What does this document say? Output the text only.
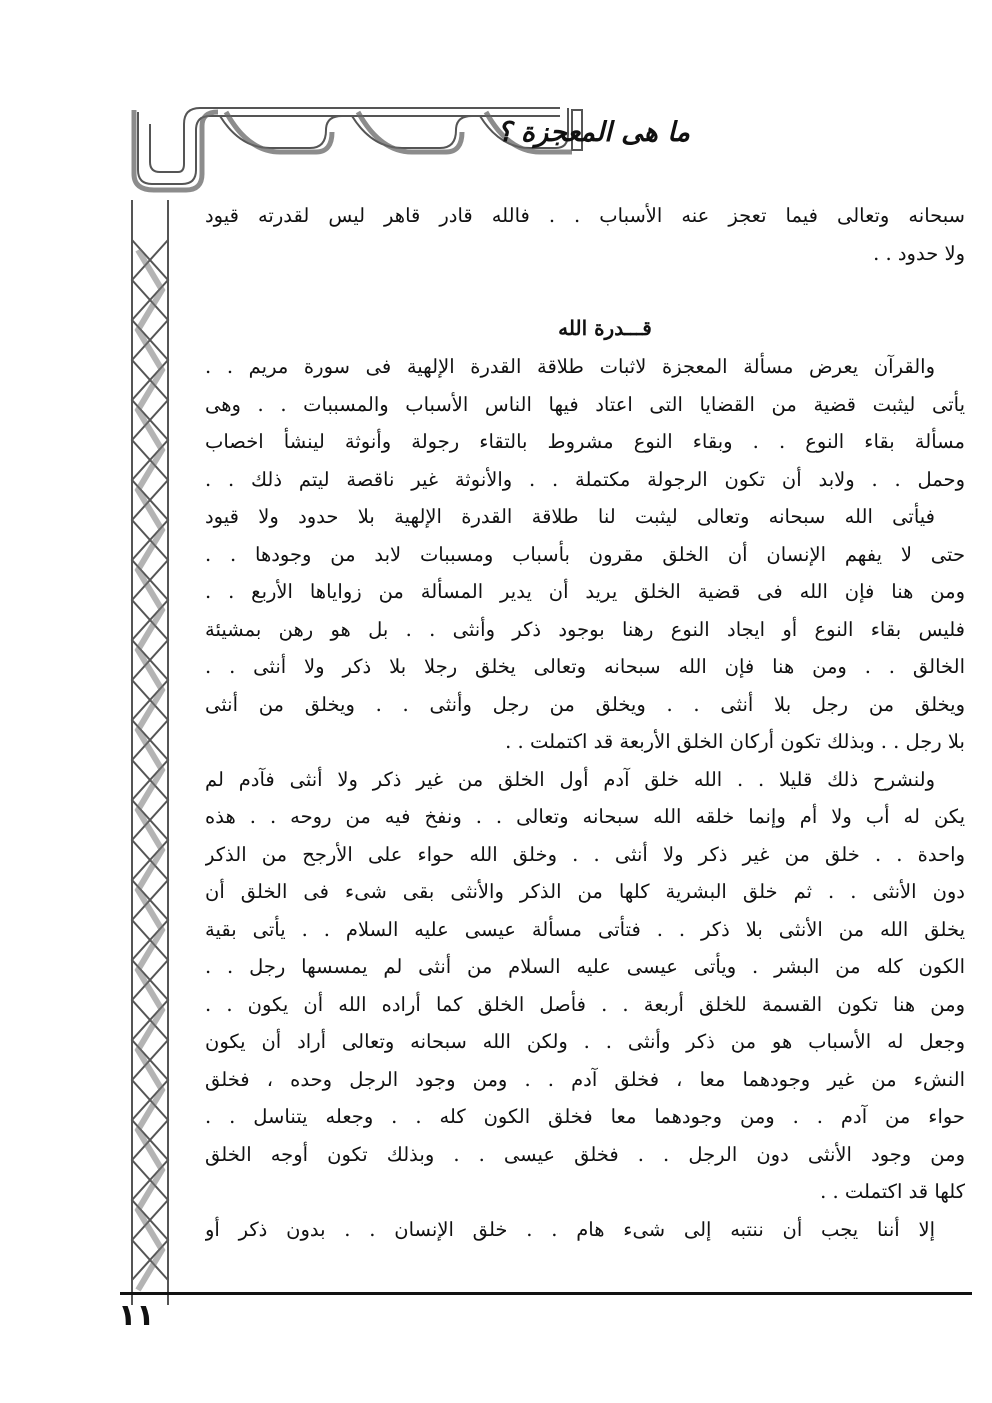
ما هى المعجزة ؟
سبحانه وتعالى فيما تعجز عنه الأسباب . . فالله قادر قاهر ليس لقدرته قيود
ولا حدود . .
قـــدرة الله
والقرآن يعرض مسألة المعجزة لاثبات طلاقة القدرة الإلهية فى سورة مريم . .
يأتى ليثبت قضية من القضايا التى اعتاد فيها الناس الأسباب والمسببات . . وهى
مسألة بقاء النوع . . وبقاء النوع مشروط بالتقاء رجولة وأنوثة لينشأ اخصاب
وحمل . . ولابد أن تكون الرجولة مكتملة . . والأنوثة غير ناقصة ليتم ذلك . .
فيأتى الله سبحانه وتعالى ليثبت لنا طلاقة القدرة الإلهية بلا حدود ولا قيود
حتى لا يفهم الإنسان أن الخلق مقرون بأسباب ومسببات لابد من وجودها . .
ومن هنا فإن الله فى قضية الخلق يريد أن يدير المسألة من زواياها الأربع . .
فليس بقاء النوع أو ايجاد النوع رهنا بوجود ذكر وأنثى . . بل هو رهن بمشيئة
الخالق . . ومن هنا فإن الله سبحانه وتعالى يخلق رجلا بلا ذكر ولا أنثى . .
ويخلق من رجل بلا أنثى . . ويخلق من رجل وأنثى . . ويخلق من أنثى
بلا رجل . . وبذلك تكون أركان الخلق الأربعة قد اكتملت . .
ولنشرح ذلك قليلا . . الله خلق آدم أول الخلق من غير ذكر ولا أنثى فآدم لم
يكن له أب ولا أم وإنما خلقه الله سبحانه وتعالى . . ونفخ فيه من روحه . . هذه
واحدة . . خلق من غير ذكر ولا أنثى . . وخلق الله حواء على الأرجح من الذكر
دون الأنثى . . ثم خلق البشرية كلها من الذكر والأنثى بقى شىء فى الخلق أن
يخلق الله من الأنثى بلا ذكر . . فتأتى مسألة عيسى عليه السلام . . يأتى بقية
الكون كله من البشر . ويأتى عيسى عليه السلام من أنثى لم يمسسها رجل . .
ومن هنا تكون القسمة للخلق أربعة . . فأصل الخلق كما أراده الله أن يكون . .
وجعل له الأسباب هو من ذكر وأنثى . . ولكن الله سبحانه وتعالى أراد أن يكون
النشء من غير وجودهما معا ، فخلق آدم . . ومن وجود الرجل وحده ، فخلق
حواء من آدم . . ومن وجودهما معا فخلق الكون كله . . وجعله يتناسل . .
ومن وجود الأنثى دون الرجل . . فخلق عيسى . . وبذلك تكون أوجه الخلق
كلها قد اكتملت . .
إلا أننا يجب أن ننتبه إلى شىء هام . . خلق الإنسان . . بدون ذكر أو
١١
